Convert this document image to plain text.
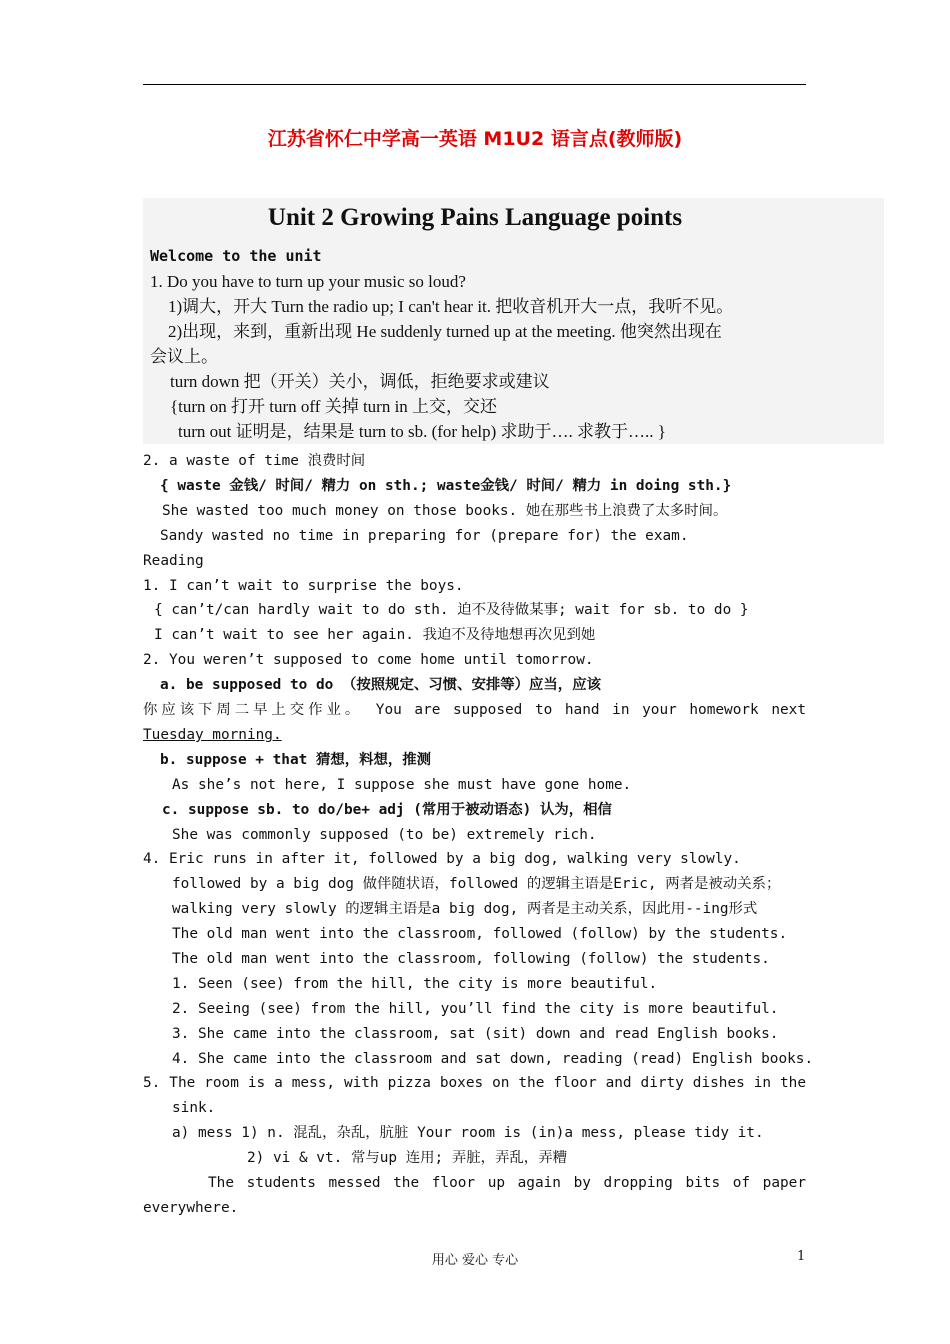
江苏省怀仁中学高一英语 M1U2 语言点(教师版)
Unit 2 Growing Pains Language points
Welcome to the unit
1. Do you have to turn up your music so loud?
1)调大，开大 Turn the radio up; I can't hear it. 把收音机开大一点，我听不见。
2)出现，来到，重新出现 He suddenly turned up at the meeting. 他突然出现在
会议上。
turn down 把（开关）关小，调低，拒绝要求或建议
{turn on 打开 turn off 关掉 turn in 上交，交还
turn out 证明是，结果是 turn to sb. (for help) 求助于…. 求教于….. }
2. a waste of time 浪费时间
{ waste 金钱/ 时间/ 精力 on sth.; waste金钱/ 时间/ 精力 in doing sth.}
She wasted too much money on those books. 她在那些书上浪费了太多时间。
Sandy wasted no time in preparing for (prepare for) the exam.
Reading
1. I can’t wait to surprise the boys.
{ can’t/can hardly wait to do sth. 迫不及待做某事; wait for sb. to do }
I can’t wait to see her again. 我迫不及待地想再次见到她
2. You weren’t supposed to come home until tomorrow.
a. be supposed to do （按照规定、习惯、安排等）应当，应该
你应该下周二早上交作业。 You are supposed to hand in your homework next
Tuesday morning.
b. suppose + that 猜想，料想，推测
As she’s not here, I suppose she must have gone home.
c. suppose sb. to do/be+ adj (常用于被动语态) 认为，相信
She was commonly supposed (to be) extremely rich.
4. Eric runs in after it, followed by a big dog, walking very slowly.
followed by a big dog 做伴随状语，followed 的逻辑主语是Eric, 两者是被动关系；
walking very slowly 的逻辑主语是a big dog, 两者是主动关系，因此用--ing形式
The old man went into the classroom, followed (follow) by the students.
The old man went into the classroom, following (follow) the students.
1. Seen (see) from the hill, the city is more beautiful.
2. Seeing (see) from the hill, you’ll find the city is more beautiful.
3. She came into the classroom, sat (sit) down and read English books.
4. She came into the classroom and sat down, reading (read) English books.
5. The room is a mess, with pizza boxes on the floor and dirty dishes in the
sink.
a) mess 1) n. 混乱，杂乱，肮脏 Your room is (in)a mess, please tidy it.
2) vi & vt. 常与up 连用; 弄脏，弄乱，弄糟
The students messed the floor up again by dropping bits of paper
everywhere.
用心 爱心 专心	1
